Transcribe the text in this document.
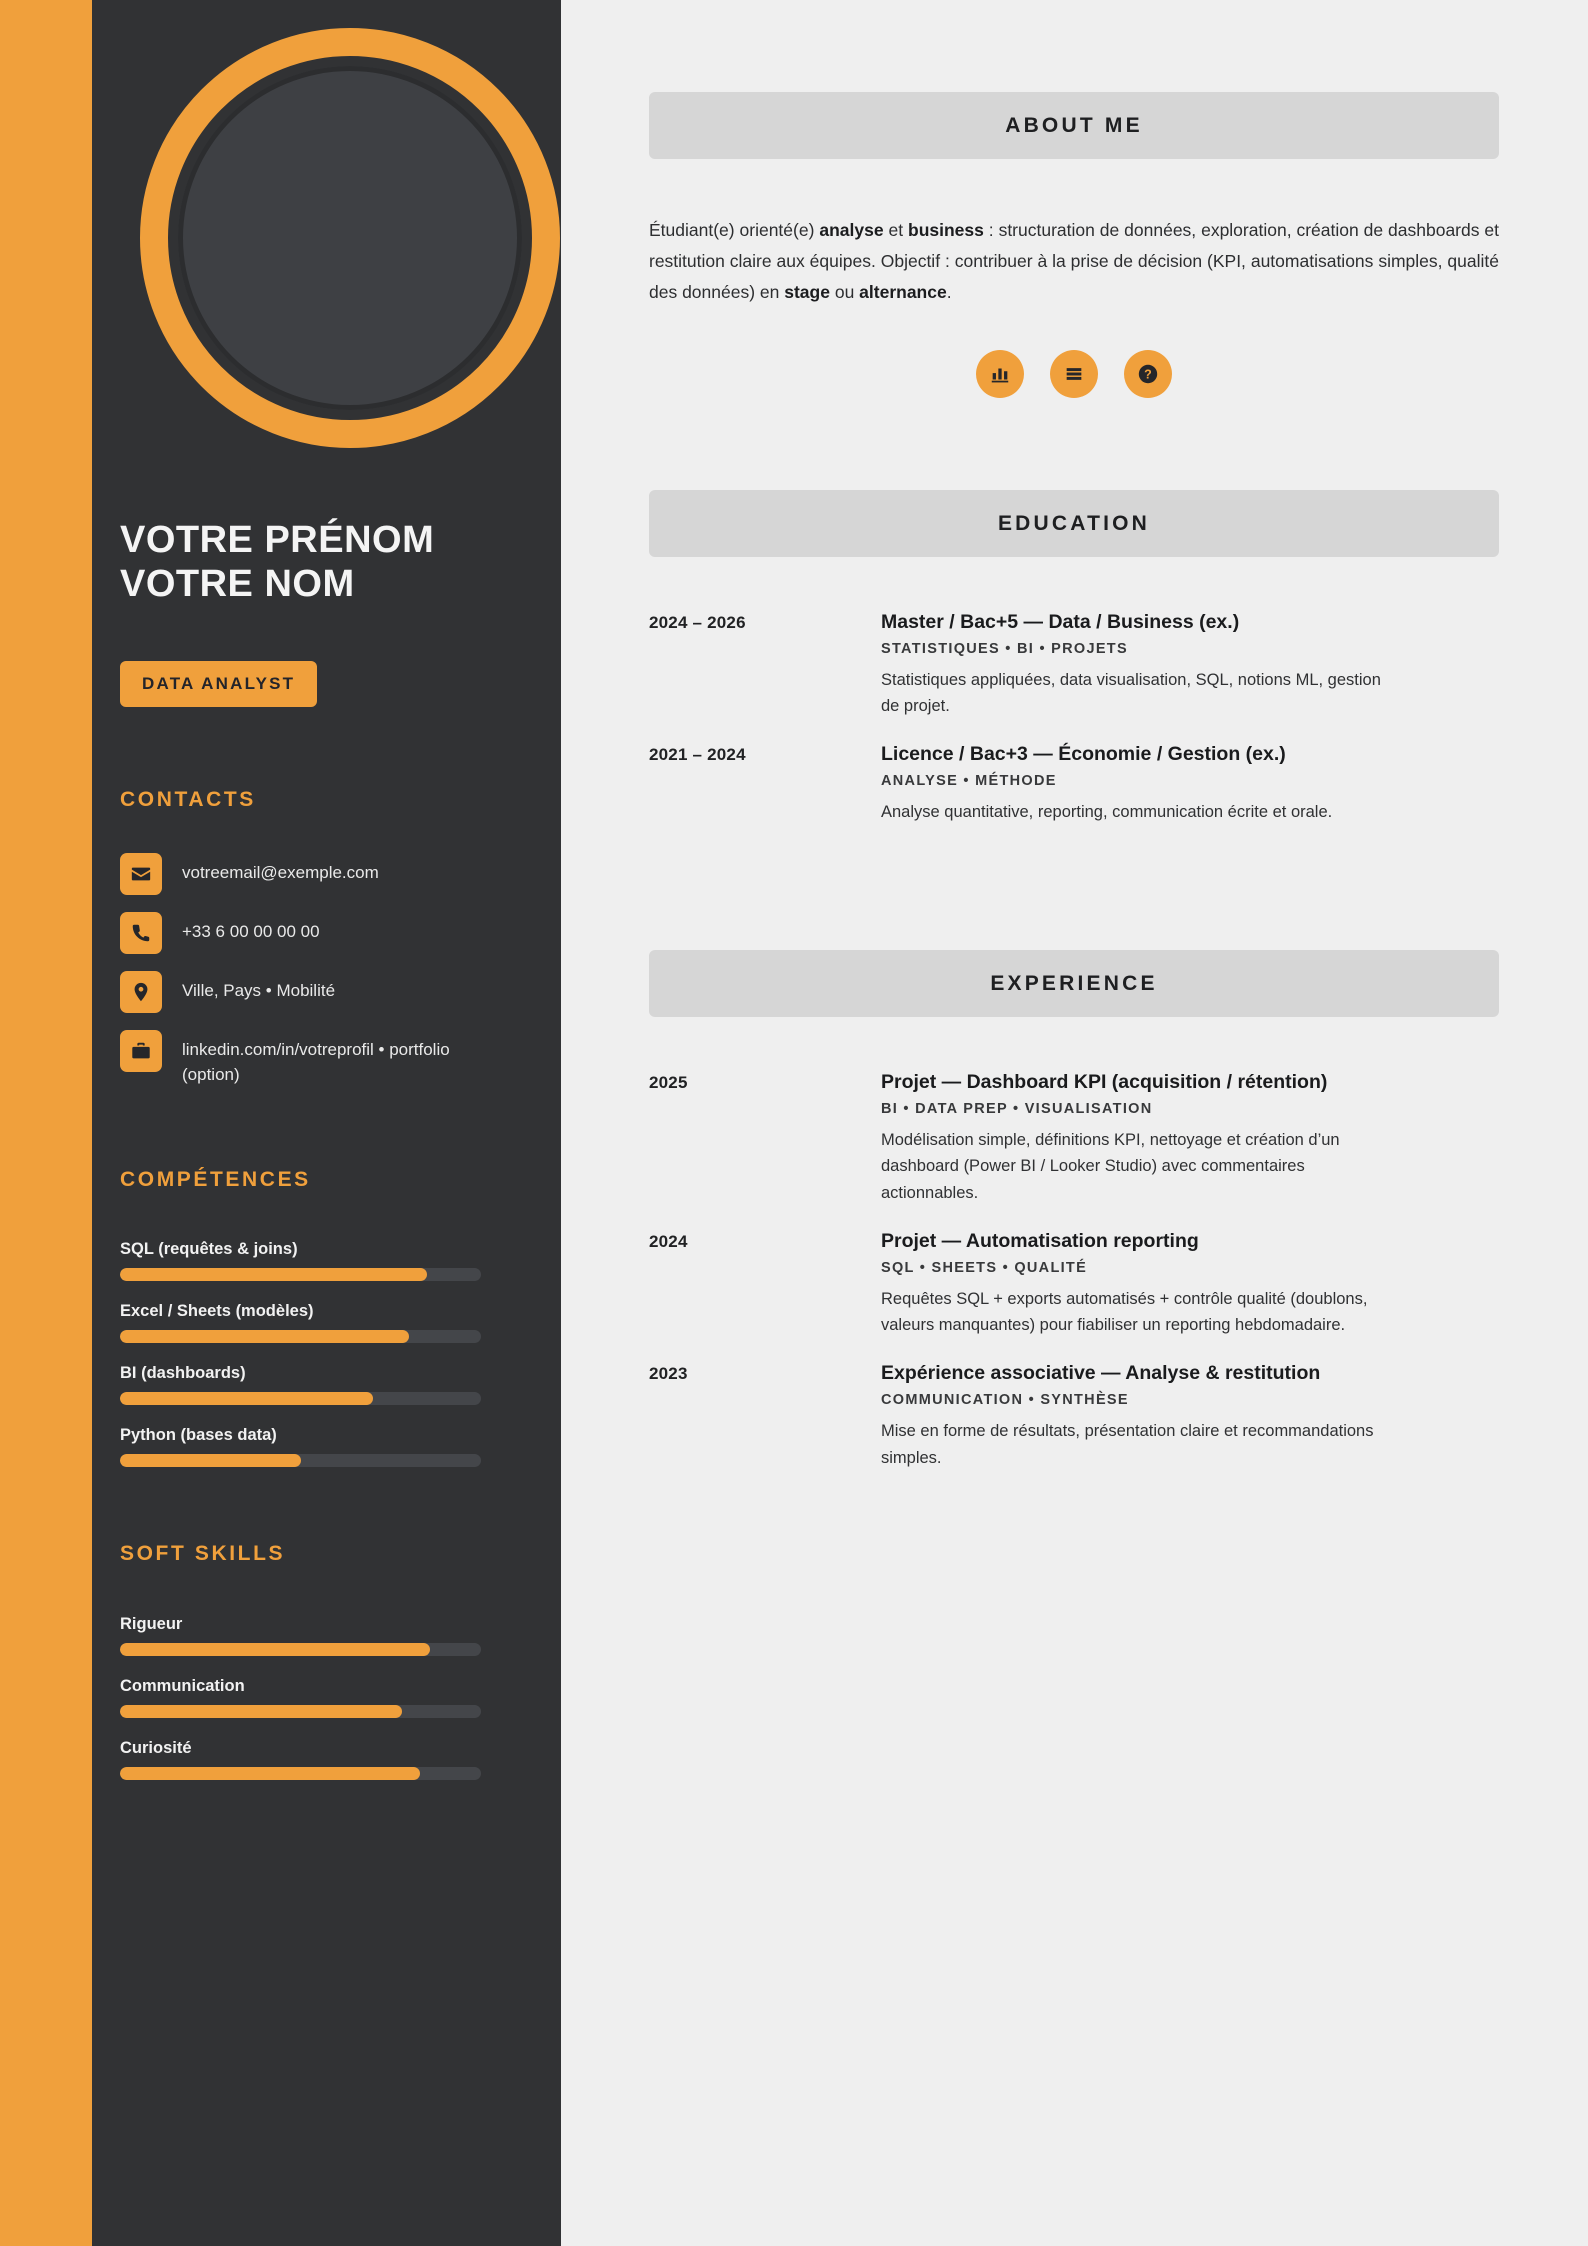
VOTRE PRÉNOM
VOTRE NOM
DATA ANALYST
CONTACTS
votreemail@exemple.com
+33 6 00 00 00 00
Ville, Pays • Mobilité
linkedin.com/in/votreprofil • portfolio (option)
COMPÉTENCES
SQL (requêtes & joins)
Excel / Sheets (modèles)
BI (dashboards)
Python (bases data)
SOFT SKILLS
Rigueur
Communication
Curiosité
ABOUT ME
Étudiant(e) orienté(e) analyse et business : structuration de données, exploration, création de dashboards et restitution claire aux équipes. Objectif : contribuer à la prise de décision (KPI, automatisations simples, qualité des données) en stage ou alternance.
?
EDUCATION
2024 – 2026	Master / Bac+5 — Data / Business (ex.)
STATISTIQUES • BI • PROJETS
Statistiques appliquées, data visualisation, SQL, notions ML, gestion de projet.
2021 – 2024	Licence / Bac+3 — Économie / Gestion (ex.)
ANALYSE • MÉTHODE
Analyse quantitative, reporting, communication écrite et orale.
EXPERIENCE
2025	Projet — Dashboard KPI (acquisition / rétention)
BI • DATA PREP • VISUALISATION
Modélisation simple, définitions KPI, nettoyage et création d’un dashboard (Power BI / Looker Studio) avec commentaires actionnables.
2024	Projet — Automatisation reporting
SQL • SHEETS • QUALITÉ
Requêtes SQL + exports automatisés + contrôle qualité (doublons, valeurs manquantes) pour fiabiliser un reporting hebdomadaire.
2023	Expérience associative — Analyse & restitution
COMMUNICATION • SYNTHÈSE
Mise en forme de résultats, présentation claire et recommandations simples.
